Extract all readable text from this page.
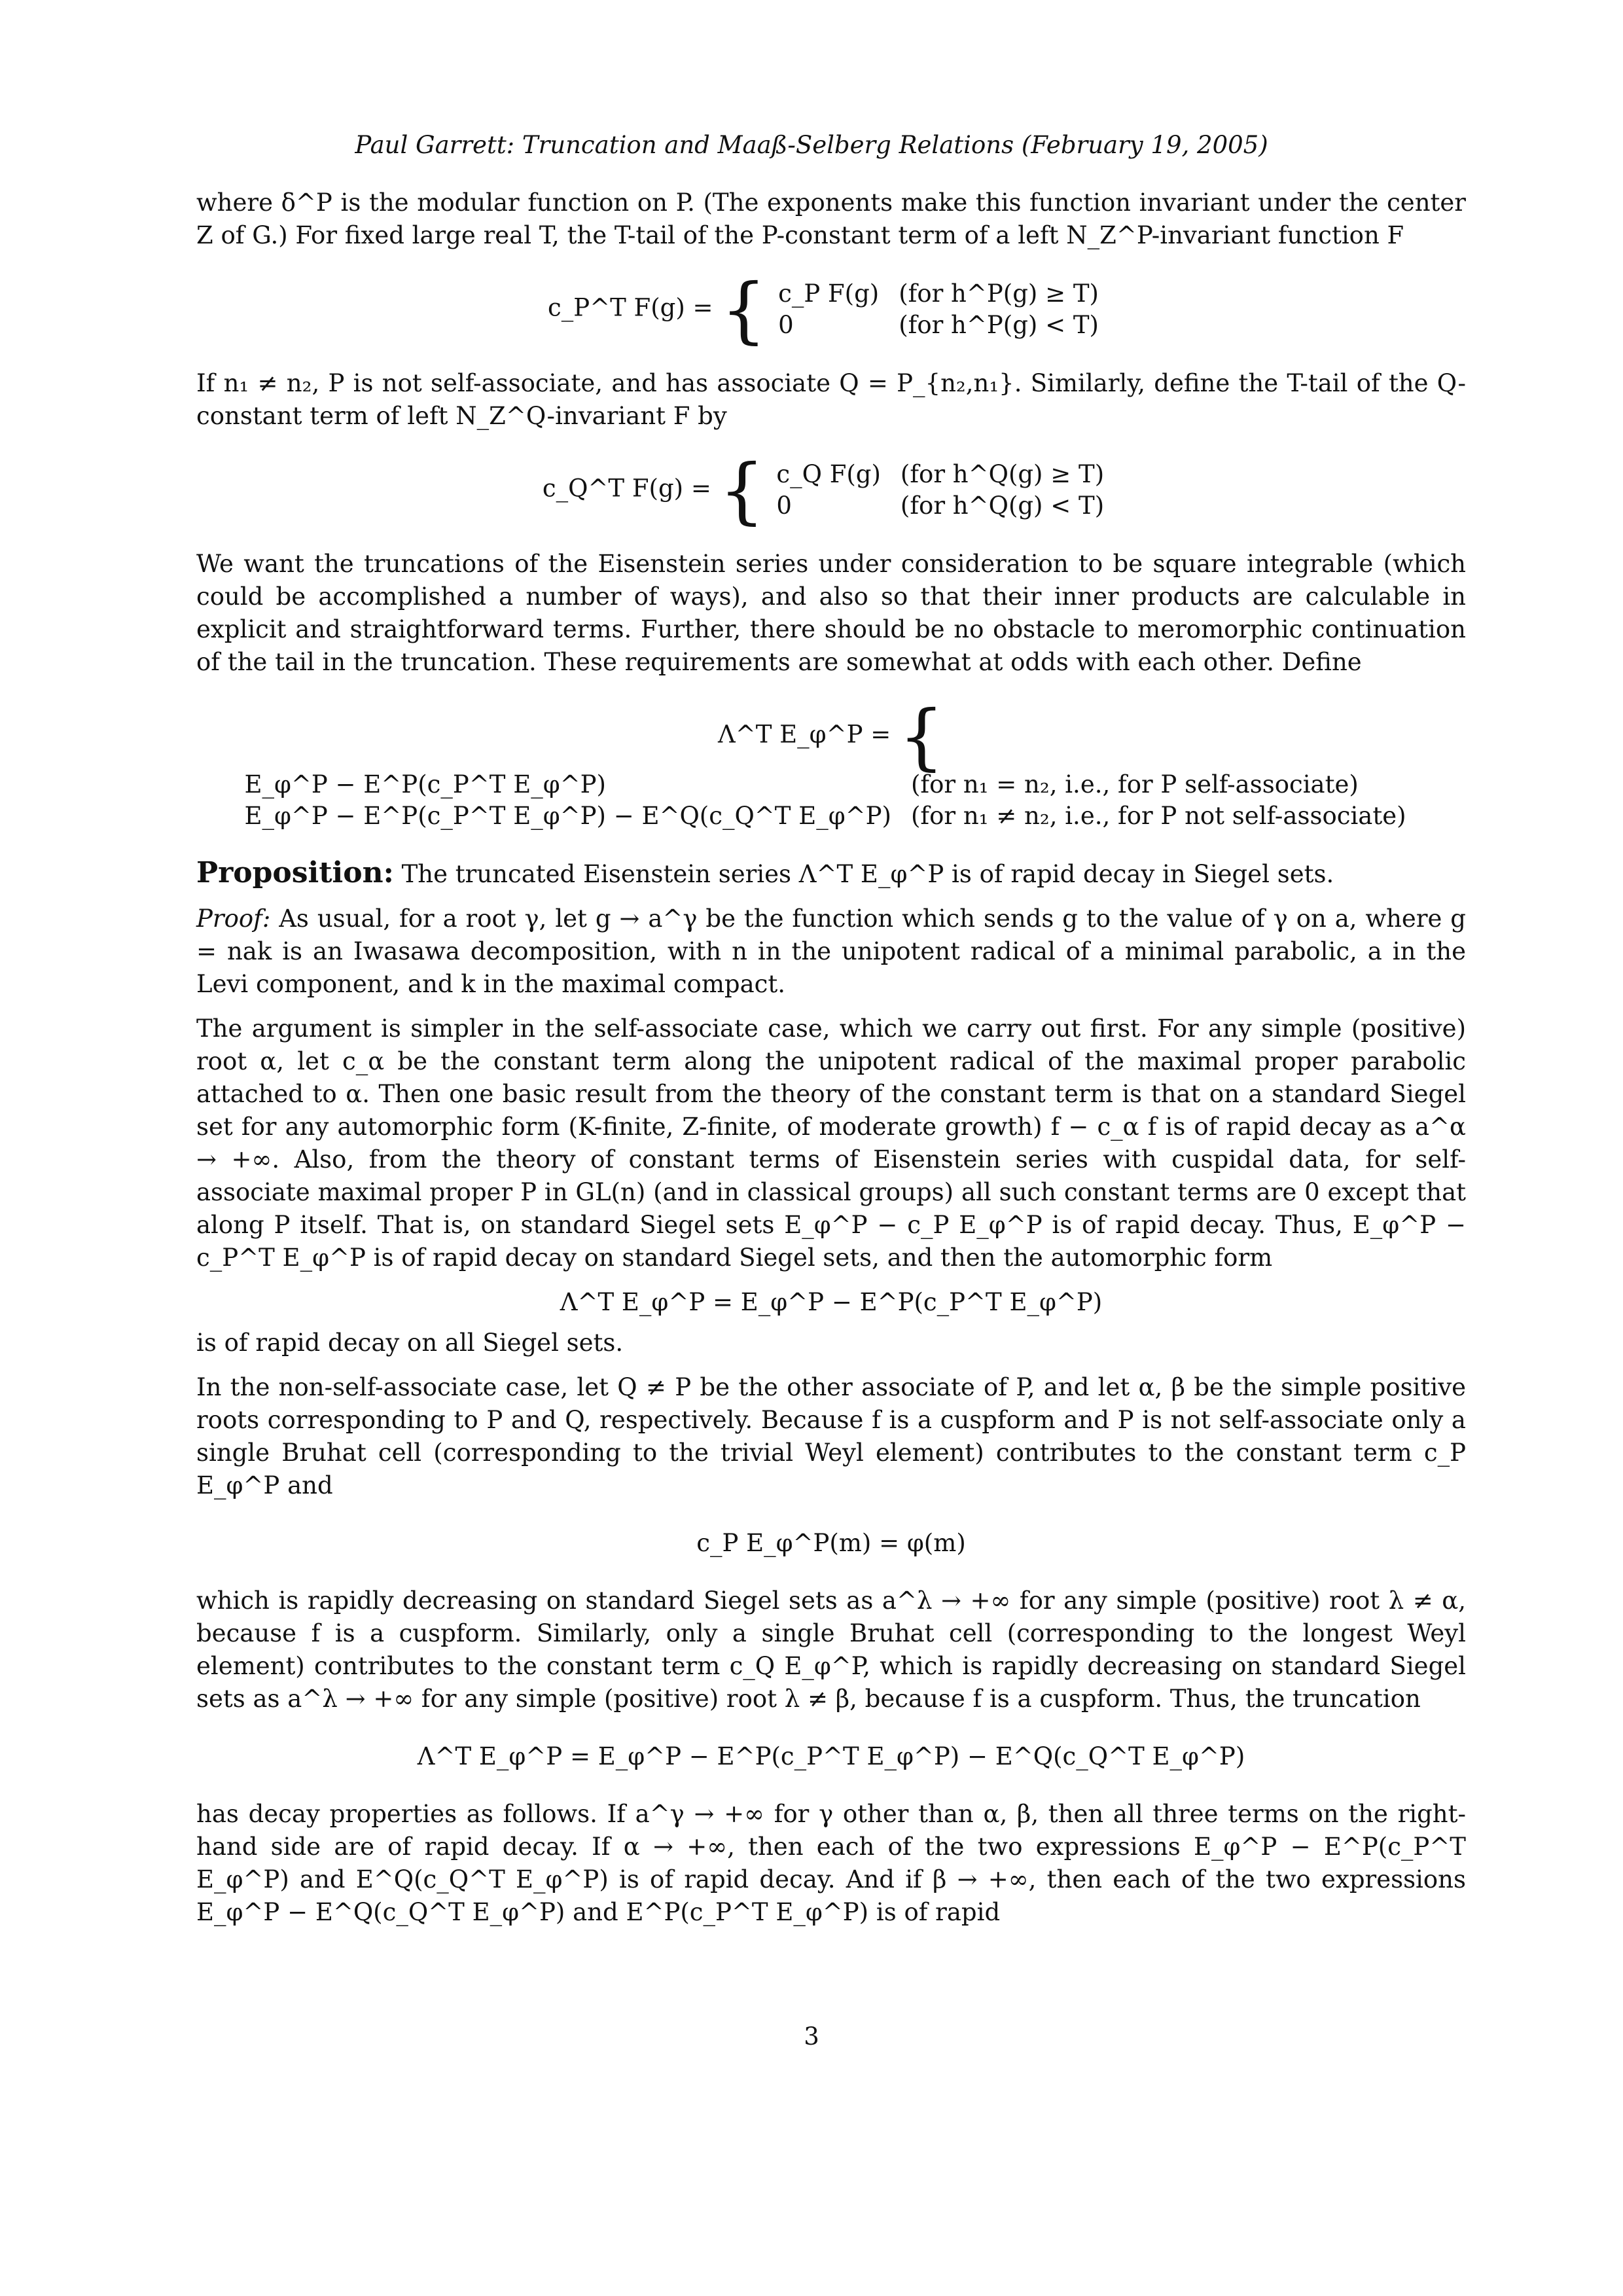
Paul Garrett: Truncation and Maaß-Selberg Relations (February 19, 2005)

where δ^P is the modular function on P. (The exponents make this function invariant under the center Z of G.) For fixed large real T, the T-tail of the P-constant term of a left N_Z^P-invariant function F

c_P^T F(g) = { c_P F(g)	(for h^P(g) ≥ T)
0	(for h^P(g) < T)

If n₁ ≠ n₂, P is not self-associate, and has associate Q = P_{n₂,n₁}. Similarly, define the T-tail of the Q-constant term of left N_Z^Q-invariant F by

c_Q^T F(g) = { c_Q F(g)	(for h^Q(g) ≥ T)
0	(for h^Q(g) < T)

We want the truncations of the Eisenstein series under consideration to be square integrable (which could be accomplished a number of ways), and also so that their inner products are calculable in explicit and straightforward terms. Further, there should be no obstacle to meromorphic continuation of the tail in the truncation. These requirements are somewhat at odds with each other. Define

Λ^T E_φ^P = {
E_φ^P − E^P(c_P^T E_φ^P)	(for n₁ = n₂, i.e., for P self-associate)
E_φ^P − E^P(c_P^T E_φ^P) − E^Q(c_Q^T E_φ^P)	(for n₁ ≠ n₂, i.e., for P not self-associate)

Proposition: The truncated Eisenstein series Λ^T E_φ^P is of rapid decay in Siegel sets.

Proof: As usual, for a root γ, let g → a^γ be the function which sends g to the value of γ on a, where g = nak is an Iwasawa decomposition, with n in the unipotent radical of a minimal parabolic, a in the Levi component, and k in the maximal compact.

The argument is simpler in the self-associate case, which we carry out first. For any simple (positive) root α, let c_α be the constant term along the unipotent radical of the maximal proper parabolic attached to α. Then one basic result from the theory of the constant term is that on a standard Siegel set for any automorphic form (K-finite, Z-finite, of moderate growth) f − c_α f is of rapid decay as a^α → +∞. Also, from the theory of constant terms of Eisenstein series with cuspidal data, for self-associate maximal proper P in GL(n) (and in classical groups) all such constant terms are 0 except that along P itself. That is, on standard Siegel sets E_φ^P − c_P E_φ^P is of rapid decay. Thus, E_φ^P − c_P^T E_φ^P is of rapid decay on standard Siegel sets, and then the automorphic form

Λ^T E_φ^P = E_φ^P − E^P(c_P^T E_φ^P)

is of rapid decay on all Siegel sets.

In the non-self-associate case, let Q ≠ P be the other associate of P, and let α, β be the simple positive roots corresponding to P and Q, respectively. Because f is a cuspform and P is not self-associate only a single Bruhat cell (corresponding to the trivial Weyl element) contributes to the constant term c_P E_φ^P and

c_P E_φ^P(m) = φ(m)

which is rapidly decreasing on standard Siegel sets as a^λ → +∞ for any simple (positive) root λ ≠ α, because f is a cuspform. Similarly, only a single Bruhat cell (corresponding to the longest Weyl element) contributes to the constant term c_Q E_φ^P, which is rapidly decreasing on standard Siegel sets as a^λ → +∞ for any simple (positive) root λ ≠ β, because f is a cuspform. Thus, the truncation

Λ^T E_φ^P = E_φ^P − E^P(c_P^T E_φ^P) − E^Q(c_Q^T E_φ^P)

has decay properties as follows. If a^γ → +∞ for γ other than α, β, then all three terms on the right-hand side are of rapid decay. If α → +∞, then each of the two expressions E_φ^P − E^P(c_P^T E_φ^P) and E^Q(c_Q^T E_φ^P) is of rapid decay. And if β → +∞, then each of the two expressions E_φ^P − E^Q(c_Q^T E_φ^P) and E^P(c_P^T E_φ^P) is of rapid

3
